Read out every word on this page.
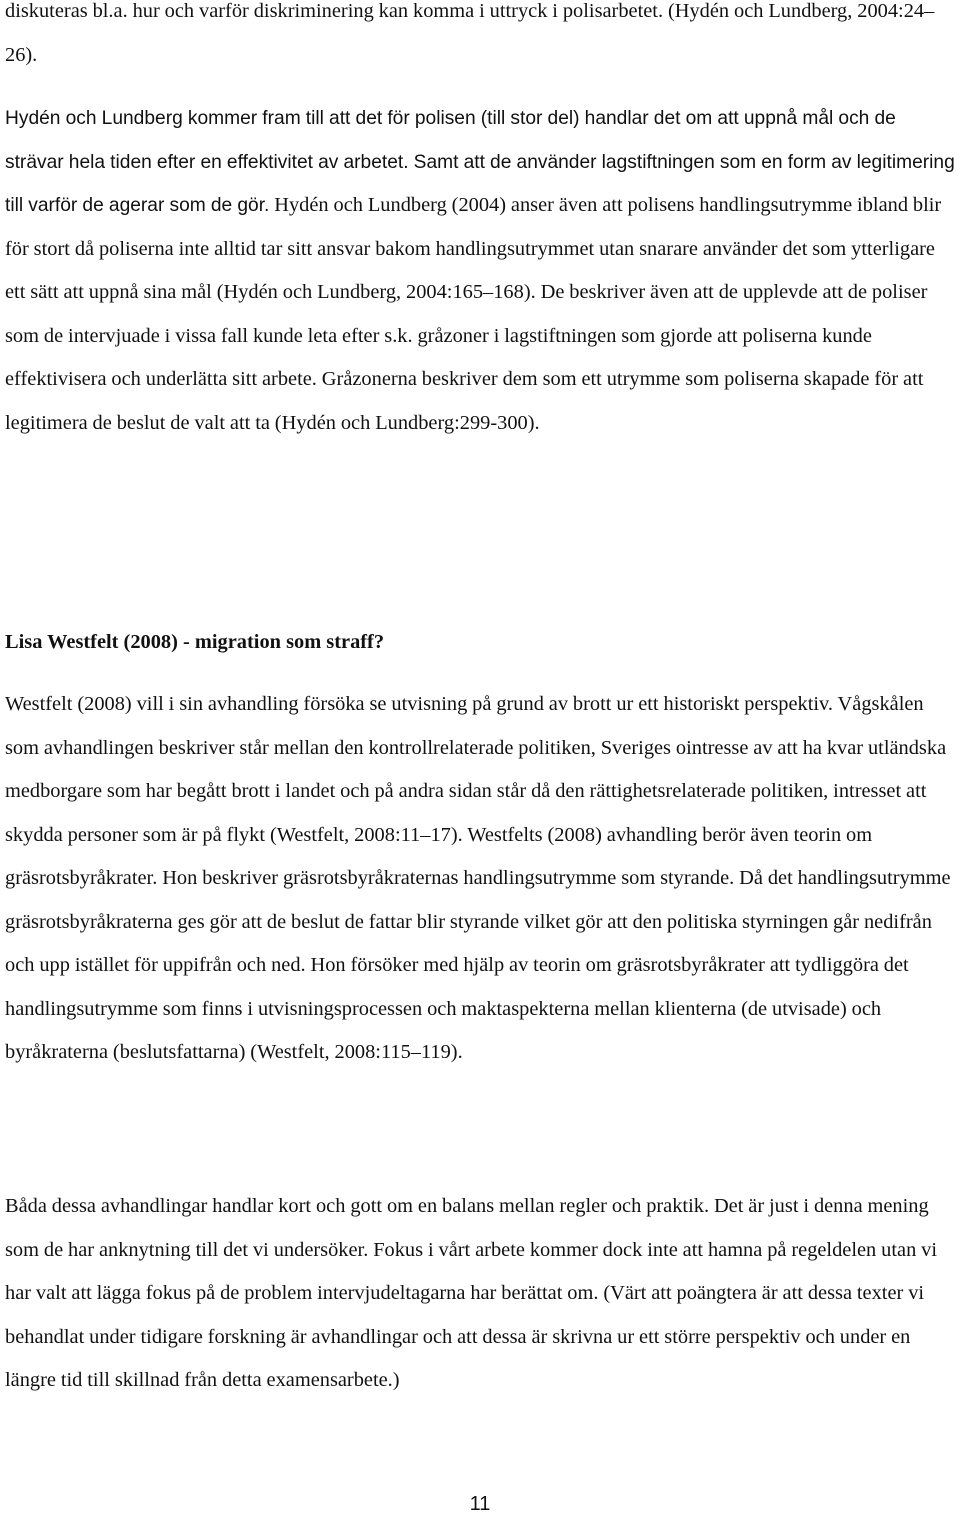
diskuteras bl.a. hur och varför diskriminering kan komma i uttryck i polisarbetet. (Hydén och Lundberg, 2004:24–26).

Hydén och Lundberg kommer fram till att det för polisen (till stor del) handlar det om att uppnå mål och de strävar hela tiden efter en effektivitet av arbetet. Samt att de använder lagstiftningen som en form av legitimering till varför de agerar som de gör. Hydén och Lundberg (2004) anser även att polisens handlingsutrymme ibland blir för stort då poliserna inte alltid tar sitt ansvar bakom handlingsutrymmet utan snarare använder det som ytterligare ett sätt att uppnå sina mål (Hydén och Lundberg, 2004:165–168). De beskriver även att de upplevde att de poliser som de intervjuade i vissa fall kunde leta efter s.k. gråzoner i lagstiftningen som gjorde att poliserna kunde effektivisera och underlätta sitt arbete. Gråzonerna beskriver dem som ett utrymme som poliserna skapade för att legitimera de beslut de valt att ta (Hydén och Lundberg:299-300).

Lisa Westfelt (2008) - migration som straff?

Westfelt (2008) vill i sin avhandling försöka se utvisning på grund av brott ur ett historiskt perspektiv. Vågskålen som avhandlingen beskriver står mellan den kontrollrelaterade politiken, Sveriges ointresse av att ha kvar utländska medborgare som har begått brott i landet och på andra sidan står då den rättighetsrelaterade politiken, intresset att skydda personer som är på flykt (Westfelt, 2008:11–17). Westfelts (2008) avhandling berör även teorin om gräsrotsbyråkrater. Hon beskriver gräsrotsbyråkraternas handlingsutrymme som styrande. Då det handlingsutrymme gräsrotsbyråkraterna ges gör att de beslut de fattar blir styrande vilket gör att den politiska styrningen går nedifrån och upp istället för uppifrån och ned. Hon försöker med hjälp av teorin om gräsrotsbyråkrater att tydliggöra det handlingsutrymme som finns i utvisningsprocessen och maktaspekterna mellan klienterna (de utvisade) och byråkraterna (beslutsfattarna) (Westfelt, 2008:115–119).

Båda dessa avhandlingar handlar kort och gott om en balans mellan regler och praktik. Det är just i denna mening som de har anknytning till det vi undersöker. Fokus i vårt arbete kommer dock inte att hamna på regeldelen utan vi har valt att lägga fokus på de problem intervjudeltagarna har berättat om. (Värt att poängtera är att dessa texter vi behandlat under tidigare forskning är avhandlingar och att dessa är skrivna ur ett större perspektiv och under en längre tid till skillnad från detta examensarbete.)

11
